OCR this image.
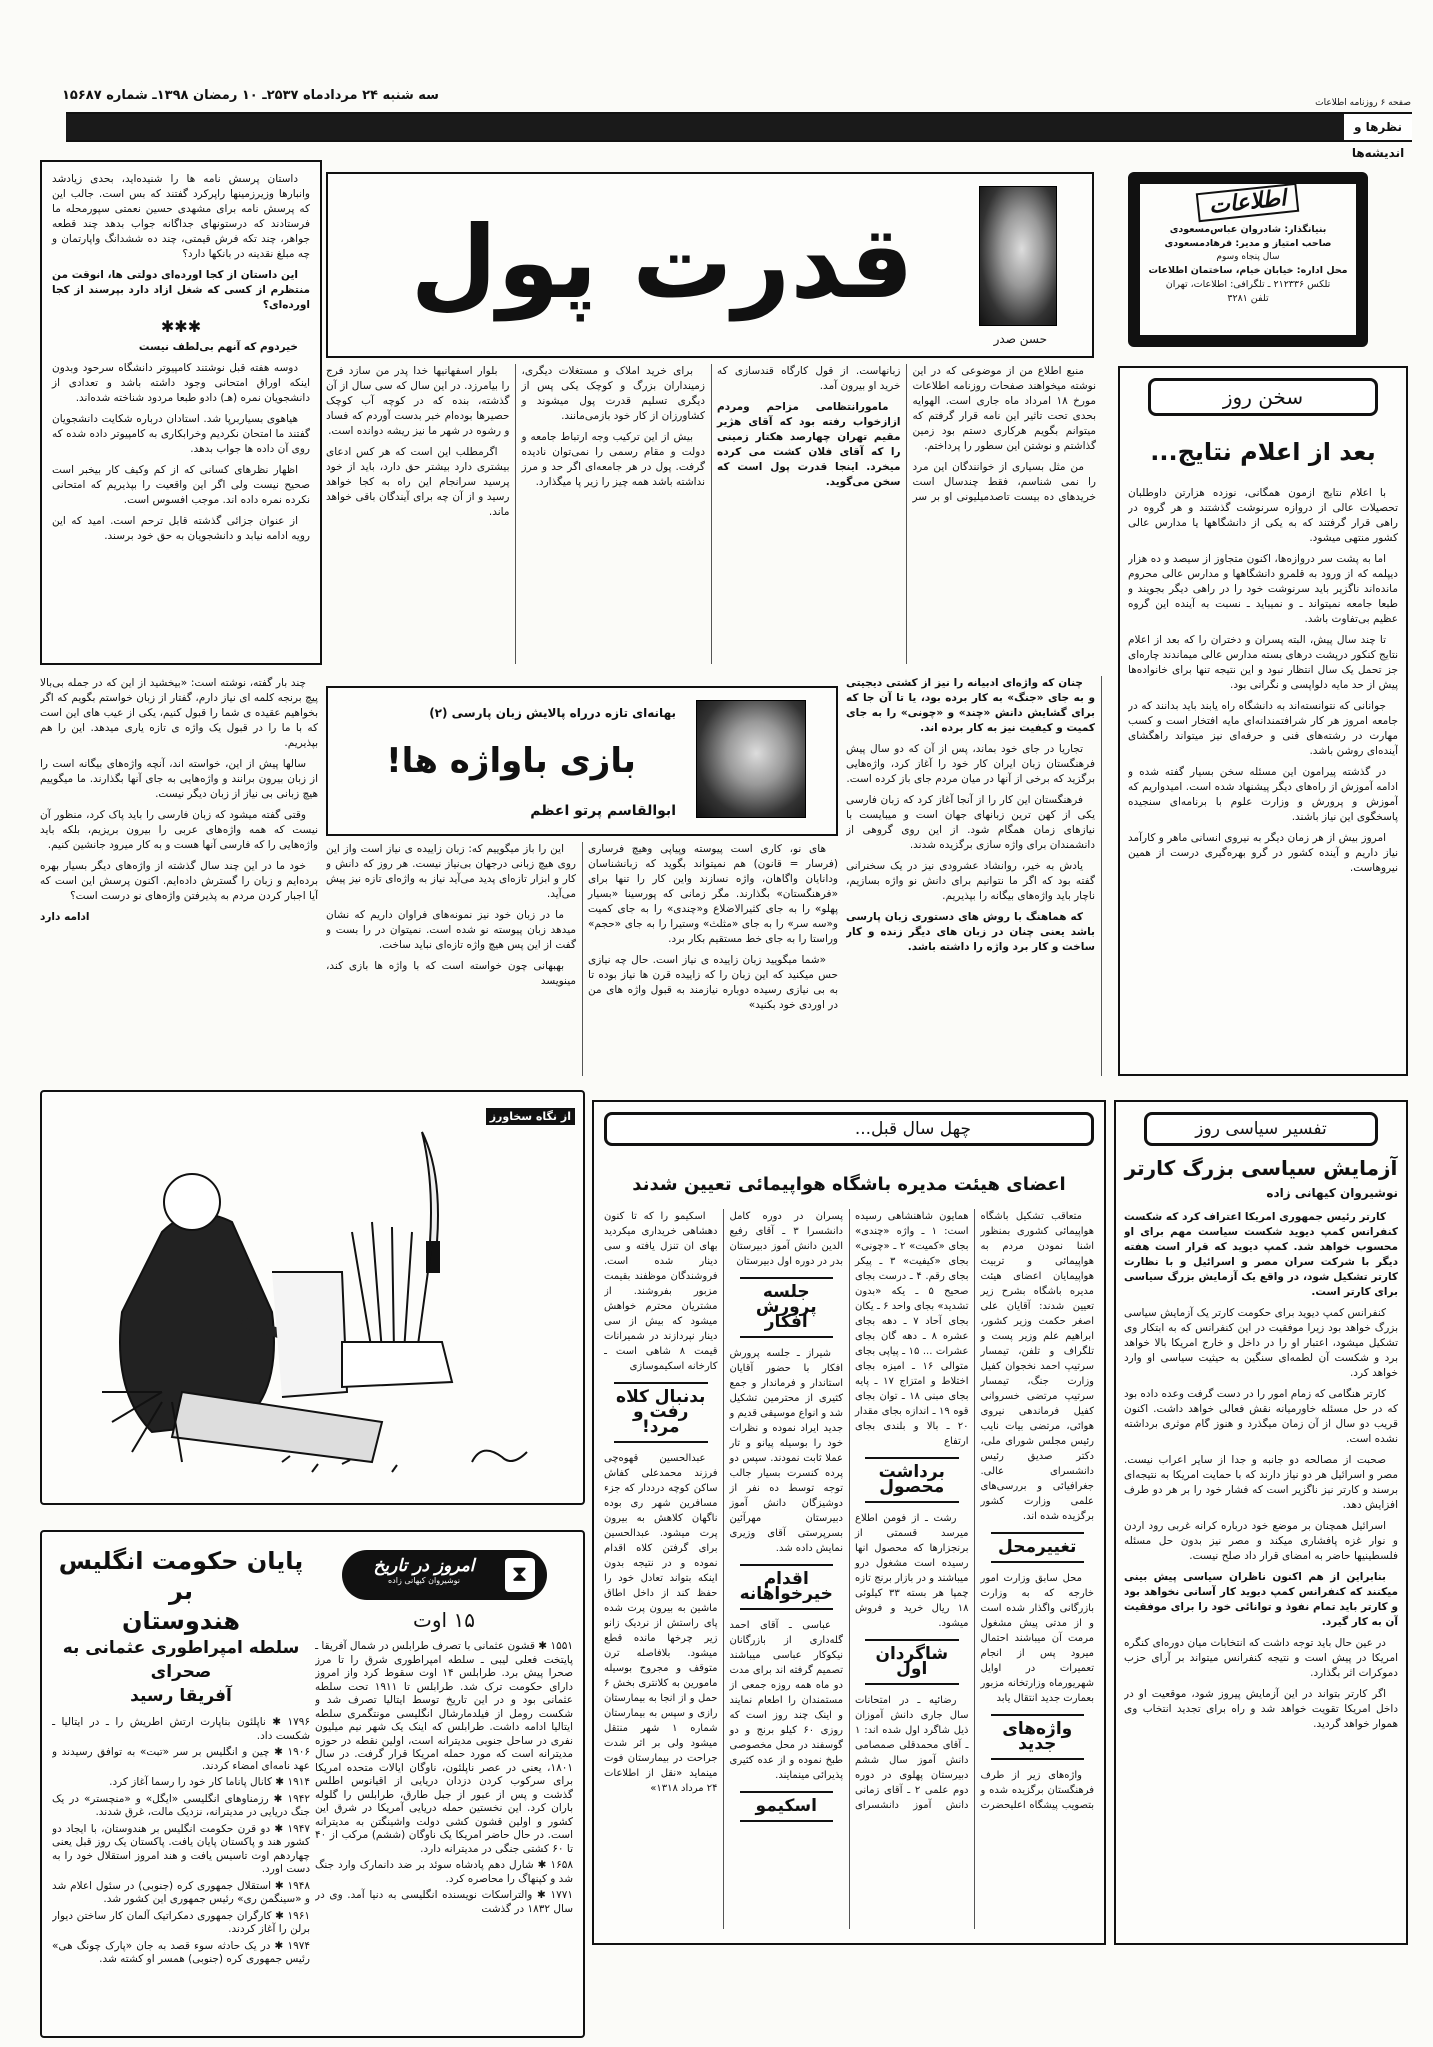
سه شنبه ۲۴ مردادماه ۲۵۳۷ـ ۱۰ رمضان ۱۳۹۸ـ شماره ۱۵۶۸۷	صفحه ۶ روزنامه اطلاعات
نظرها و اندیشه‌ها

داستان پرسش نامه ها را شنیده‌اید، بحدی زیادشد وانبارها وزیرزمینها راپرکرد گفتند که بس است. جالب این که پرسش نامه برای مشهدی حسین نعمتی سپورمحله ما فرستادند که درستونهای جداگانه جواب بدهد چند قطعه جواهر، چند تکه فرش قیمتی، چند ده ششدانگ واپارتمان و چه مبلغ نقدینه در بانکها دارد؟

این داستان از کجا اورده‌ای دولتی ها، انوقت من منتظرم از کسی که شغل ازاد دارد بپرسند از کجا اورده‌ای؟

✱✱✱

خیردوم که آنهم بی‌لطف نیست

دوسه هفته قبل نوشتند کامپیوتر دانشگاه سرحود وبدون اینکه اوراق امتحانی وجود داشته باشد و تعدادی از دانشجویان نمره (هـ) دادو طبعا مردود شناخته شده‌اند.

هیاهوی بسیاربرپا شد. استادان درباره شکایت دانشجویان گفتند ما امتحان نکردیم وخرابکاری به کامپیوتر داده شده که روی آن داده ها جواب بدهد.

اظهار نظرهای کسانی که از کم وکیف کار بیخبر است صحیح نیست ولی اگر این واقعیت را بپذیریم که امتحانی نکرده نمره داده اند. موجب افسوس است.

از عنوان جزائی گذشته قابل ترحم است. امید که این رویه ادامه نیابد و دانشجویان به حق خود برسند.

حسن صدر
قدرت پول

منبع اطلاع من از موضوعی که در این نوشته میخواهند صفحات روزنامه اطلاعات مورخ ۱۸ امرداد ماه جاری است. الهوایه بحدی تحت تاثیر این نامه قرار گرفتم که میتوانم بگویم هرکاری دستم بود زمین گذاشتم و نوشتن این سطور را پرداختم.

من مثل بسیاری از خوانندگان این مرد را نمی شناسم، فقط چندسال است خریدهای ده بیست تاصدمیلیونی او بر سر زبانهاست. از قول کارگاه قندسازی که خرید او بیرون آمد.

مامورانتظامی مزاحم ومردم ازازخواب رفته بود که آقای هژیر مقیم تهران چهارصد هکتار زمینی را که آقای فلان کشت می کرده میخرد. اینجا قدرت پول است که سخن می‌گوید.

برای خرید املاک و مستغلات دیگری، زمینداران بزرگ و کوچک یکی پس از دیگری تسلیم قدرت پول میشوند و کشاورزان از کار خود بازمی‌مانند.

بیش از این ترکیب وجه ارتباط جامعه و دولت و مقام رسمی را نمی‌توان نادیده گرفت. پول در هر جامعه‌ای اگر حد و مرز نداشته باشد همه چیز را زیر پا میگذارد.

بلوار اسفهانیها خدا پدر من سازد فرج را بیامرزد. در این سال که سی سال از آن گذشته، بنده که در کوچه آب کوچک حصیرها بوده‌ام خبر بدست آوردم که فساد و رشوه در شهر ما نیز ریشه دوانده است.

اگرمطلب این است که هر کس ادعای بیشتری دارد بیشتر حق دارد، باید از خود پرسید سرانجام این راه به کجا خواهد رسید و از آن چه برای آیندگان باقی خواهد ماند.

اطلاعات
بنیانگذار: شادروان عباس‌مسعودی
صاحب امتیاز و مدیر: فرهادمسعودی
سال پنجاه وسوم
محل اداره: خیابان خیام، ساختمان اطلاعات
تلکس ۲۱۲۳۳۶ ـ تلگرافی: اطلاعات، تهران
تلفن ۳۲۸۱
سخن روز
بعد از اعلام نتایج...

با اعلام نتایج ازمون همگانی، نوزده هزارتن داوطلبان تحصیلات عالی از دروازه سرنوشت گذشتند و هر گروه در راهی قرار گرفتند که به یکی از دانشگاهها یا مدارس عالی کشور منتهی میشود.

اما به پشت سر دروازه‌ها، اکنون متجاوز از سیصد و ده هزار دیپلمه که از ورود به قلمرو دانشگاهها و مدارس عالی محروم مانده‌اند ناگزیر باید سرنوشت خود را در راهی دیگر بجویند و طبعا جامعه نمیتواند ـ و نمیباید ـ نسبت به آینده این گروه عظیم بی‌تفاوت باشد.

تا چند سال پیش، البته پسران و دختران را که بعد از اعلام نتایج کنکور درپشت درهای بسته مدارس عالی میماندند چاره‌ای جز تحمل یک سال انتظار نبود و این نتیجه تنها برای خانواده‌ها پیش از حد مایه دلواپسی و نگرانی بود.

جوانانی که نتوانسته‌اند به دانشگاه راه یابند باید بدانند که در جامعه امروز هر کار شرافتمندانه‌ای مایه افتخار است و کسب مهارت در رشته‌های فنی و حرفه‌ای نیز میتواند راهگشای آینده‌ای روشن باشد.

در گذشته پیرامون این مسئله سخن بسیار گفته شده و ادامه آموزش از راه‌های دیگر پیشنهاد شده است. امیدواریم که آموزش و پرورش و وزارت علوم با برنامه‌ای سنجیده پاسخگوی این نیاز باشند.

امروز بیش از هر زمان دیگر به نیروی انسانی ماهر و کارآمد نیاز داریم و آینده کشور در گرو بهره‌گیری درست از همین نیروهاست.

چند بار گفته، نوشته است: «بیخشید از این که در جمله بی‌بالا پیچ برنجه کلمه ای نیاز دارم، گفتار از زبان خواستم بگویم که اگر بخواهیم عقیده ی شما را قبول کنیم، یکی از عیب های این است که با ما را در قبول یک واژه ی تازه یاری میدهد. این را هم بپذیریم.

سالها پیش از این، خواسته اند، آنچه واژه‌های بیگانه است را از زبان بیرون برانند و واژه‌هایی به جای آنها بگذارند. ما میگوییم هیچ زبانی بی نیاز از زبان دیگر نیست.

وقتی گفته میشود که زبان فارسی را باید پاک کرد، منظور آن نیست که همه واژه‌های عربی را بیرون بریزیم، بلکه باید واژه‌هایی را که فارسی آنها هست و به کار میرود جانشین کنیم.

خود ما در این چند سال گذشته از واژه‌های دیگر بسیار بهره برده‌ایم و زبان را گسترش داده‌ایم. اکنون پرسش این است که آیا اجبار کردن مردم به پذیرفتن واژه‌های نو درست است؟

ادامه دارد

بهانه‌ای تازه درراه پالایش زبان پارسی (۲)
بازی باواژه ها!
ابوالقاسم پرتو اعظم

های نو، کاری است پیوسته وپیاپی وهیچ فرساری (فرسار = قانون) هم نمیتواند بگوید که زبانشناسان ودانایان واگاهان، واژه نسازند واین کار را تنها برای «فرهنگستان» بگذارند. مگر زمانی که پورسینا «بسیار پهلو» را به جای کثیرالاضلاع و«چندی» را به جای کمیت و«سه سر» را به جای «مثلث» وستیرا را به جای «حجم» وراستا را به جای خط مستقیم بکار برد.

«شما میگویید زبان زاییده ی نیاز است. حال چه نیازی حس میکنید که این زبان را که زاییده قرن ها نیاز بوده تا به بی نیازی رسیده دوباره نیازمند به قبول واژه های من در اوردی خود بکنید»

این را باز میگوییم که: زبان زاییده ی نیاز است واز این روی هیچ زبانی درجهان بی‌نیاز نیست. هر روز که دانش و کار و ابزار تازه‌ای پدید می‌آید نیاز به واژه‌ای تازه نیز پیش می‌آید.

ما در زبان خود نیز نمونه‌های فراوان داریم که نشان میدهد زبان پیوسته نو شده است. نمیتوان در را بست و گفت از این پس هیچ واژه تازه‌ای نباید ساخت.

بهبهانی چون خواسته است که با واژه ها بازی کند، مینویسد

چنان که واژه‌ای ادبیانه را نیز از کشتی دیجیتی و به جای «جنگ» به کار برده بود، یا تا آن جا که برای گشایش دانش «چند» و «چونی» را به جای کمیت و کیفیت نیز به کار برده اند.

تجاریا در جای خود بماند، پس از آن که دو سال پیش فرهنگستان زبان ایران کار خود را آغاز کرد، واژه‌هایی برگزید که برخی از آنها در میان مردم جای باز کرده است.

فرهنگستان این کار را از آنجا آغاز کرد که زبان فارسی یکی از کهن ترین زبانهای جهان است و میبایست با نیازهای زمان همگام شود. از این روی گروهی از دانشمندان برای واژه سازی برگزیده شدند.

یادش به خیر، روانشاد عشرودی نیز در یک سخنرانی گفته بود که اگر ما نتوانیم برای دانش نو واژه بسازیم، ناچار باید واژه‌های بیگانه را بپذیریم.

که هماهنگ با روش های دستوری زبان پارسی باشد یعنی چنان در زبان های دیگر زنده و کار ساخت و کار برد واژه را داشته باشد.

از نگاه سخاورز
⧗
امروز در تاریخ
نوشیروان کیهانی زاده
۱۵ اوت

۱۵۵۱ ✱ قشون عثمانی با تصرف طرابلس در شمال آفریقا ـ پایتخت فعلی لیبی ـ سلطه امپراطوری شرق را تا مرز صحرا پیش برد. طرابلس ۱۴ اوت سقوط کرد واز امروز دارای حکومت ترک شد. طرابلس تا ۱۹۱۱ تحت سلطه عثمانی بود و در این تاریخ توسط ایتالیا تصرف شد و شکست رومل از فیلدمارشال انگلیسی مونتگمری سلطه ایتالیا ادامه داشت. طرابلس که اینک یک شهر نیم میلیون نفری در ساحل جنوبی مدیترانه است، اولین نقطه در حوزه مدیترانه است که مورد حمله امریکا قرار گرفت. در سال ۱۸۰۱، یعنی در عصر ناپلئون، ناوگان ایالات متحده امریکا برای سرکوب کردن دزدان دریایی از اقیانوس اطلس گذشت و پس از عبور از جبل طارق، طرابلس را گلوله باران کرد. این نخستین حمله دریایی آمریکا در شرق این کشور و اولین قشون کشی دولت واشینگتن به مدیترانه است. در حال حاضر امریکا یک ناوگان (ششم) مرکب از ۴۰ تا ۶۰ کشتی جنگی در مدیترانه دارد.

۱۶۵۸ ✱ شارل دهم پادشاه سوئد بر ضد دانمارک وارد جنگ شد و کپنهاگ را محاصره کرد.

۱۷۷۱ ✱ والتراسکات نویسنده انگلیسی به دنیا آمد. وی در سال ۱۸۳۲ در گذشت

پایان حکومت انگلیس بر
هندوستان
سلطه امپراطوری عثمانی به صحرای
آفریقا رسید

۱۷۹۶ ✱ ناپلئون بناپارت ارتش اطریش را ـ در ایتالیا ـ شکست داد.

۱۹۰۶ ✱ چین و انگلیس بر سر «تبت» به توافق رسیدند و عهد نامه‌ای امضاء کردند.

۱۹۱۴ ✱ کانال پاناما کار خود را رسما آغاز کرد.

۱۹۴۲ ✱ رزمناوهای انگلیسی «ایگل» و «منچستر» در یک جنگ دریایی در مدیترانه، نزدیک مالت، غرق شدند.

۱۹۴۷ ✱ دو قرن حکومت انگلیس بر هندوستان، با ایجاد دو کشور هند و پاکستان پایان یافت. پاکستان یک روز قبل یعنی چهاردهم اوت تاسیس یافت و هند امروز استقلال خود را به دست اورد.

۱۹۴۸ ✱ استقلال جمهوری کره (جنوبی) در سئول اعلام شد و «سینگمن ری» رئیس جمهوری این کشور شد.

۱۹۶۱ ✱ کارگران جمهوری دمکراتیک آلمان کار ساختن دیوار برلن را آغاز کردند.

۱۹۷۴ ✱ در یک حادثه سوء قصد به جان «پارک چونگ هی» رئیس جمهوری کره (جنوبی) همسر او کشته شد.

چهل سال قبل...
اعضای هیئت مدیره باشگاه هواپیمائی تعیین شدند

متعاقب تشکیل باشگاه هواپیمائی کشوری بمنظور اشنا نمودن مردم به هواپیمائی و تربیت هواپیمایان اعضای هیئت مدیره باشگاه بشرح زیر تعیین شدند: آقایان علی اصغر حکمت وزیر کشور، ابراهیم علم وزیر پست و تلگراف و تلفن، تیمسار سرتیپ احمد نخجوان کفیل وزارت جنگ، تیمسار سرتیپ مرتضی خسروانی کفیل فرماندهی نیروی هوائی، مرتضی بیات نایب رئیس مجلس شورای ملی، دکتر صدیق رئیس دانشسرای عالی. جغرافیائی و بررسی‌های علمی وزارت کشور برگزیده شده اند.

تغییرمحل

محل سابق وزارت امور خارجه که به وزارت بازرگانی واگذار شده است و از مدتی پیش مشغول مرمت آن میباشند احتمال میرود پس از انجام تعمیرات در اوایل شهریورماه وزارتخانه مزبور بعمارت جدید انتقال یابد

واژه‌های جدید

واژه‌های زیر از طرف فرهنگستان برگزیده شده و بتصویب پیشگاه اعلیحضرت همایون شاهنشاهی رسیده است: ۱ ـ واژه «چندی» بجای «کمیت» ۲ ـ «چونی» بجای «کیفیت» ۳ ـ پیکر بجای رقم. ۴ ـ درست بجای صحیح ۵ ـ یکه «بدون تشدید» بجای واحد ۶ ـ یکان بجای آحاد ۷ ـ دهه بجای عشره ۸ ـ دهه گان بجای عشرات ... ۱۵ ـ پیاپی بجای متوالی ۱۶ ـ امیزه بجای اختلاط و امتزاج ۱۷ ـ پایه بجای مبنی ۱۸ ـ توان بجای قوه ۱۹ ـ اندازه بجای مقدار ۲۰ ـ بالا و بلندی بجای ارتفاع

برداشت محصول

رشت ـ از فومن اطلاع میرسد قسمتی از برنجزارها که محصول انها رسیده است مشغول درو میباشند و در بازار برنج تازه چمپا هر بسته ۳۳ کیلوئی ۱۸ ریال خرید و فروش میشود.

شاگردان اول

رضائیه ـ در امتحانات سال جاری دانش آموزان ذیل شاگرد اول شده اند: ۱ ـ آقای محمدقلی صمصامی دانش آموز سال ششم دبیرستان پهلوی در دوره دوم علمی ۲ ـ آقای زمانی دانش آموز دانشسرای پسران در دوره کامل دانشسرا ۳ ـ آقای رفیع الدین دانش آموز دبیرستان بدر در دوره اول دبیرستان

جلسه پرورش افکار

شیراز ـ جلسه پرورش افکار با حضور آقایان استاندار و فرماندار و جمع کثیری از محترمین تشکیل شد و انواع موسیقی قدیم و جدید ایراد نموده و نظرات خود را بوسیله پیانو و تار عملا ثابت نمودند. سپس دو پرده کنسرت بسیار جالب توجه توسط ده نفر از دوشیزگان دانش آموز دبیرستان مهرآئین بسرپرستی آقای وزیری نمایش داده شد.

اقدام خیرخواهانه

عباسی ـ آقای احمد گله‌داری از بازرگانان نیکوکار عباسی میباشند تصمیم گرفته اند برای مدت دو ماه همه روزه جمعی از مستمندان را اطعام نمایند و اینک چند روز است که روزی ۶۰ کیلو برنج و دو گوسفند در محل مخصوصی طبخ نموده و از عده کثیری پذیرائی مینمایند.

اسکیمو

اسکیمو را که تا کنون دهشاهی خریداری میکردید بهای ان تنزل یافته و سی دینار شده است. فروشندگان موظفند بقیمت مزبور بفروشند. از مشتریان محترم خواهش میشود که بیش از سی دینار نپردازند در شمیرانات قیمت ۸ شاهی است ـ کارخانه اسکیموسازی

بدنبال کلاه رفت و مرد!

عبدالحسین قهوه‌چی فرزند محمدعلی کفاش ساکن کوچه درددار که جزء مسافرین شهر ری بوده ناگهان کلاهش به بیرون پرت میشود. عبدالحسین برای گرفتن کلاه اقدام نموده و در نتیجه بدون اینکه بتواند تعادل خود را حفظ کند از داخل اطاق ماشین به بیرون پرت شده پای راستش از نردیک زانو زیر چرخها مانده قطع میشود. بلافاصله ترن متوقف و مجروح بوسیله مامورین به کلانتری بخش ۶ حمل و از انجا به بیمارستان رازی و سپس به بیمارستان شماره ۱ شهر منتقل میشود ولی بر اثر شدت جراحت در بیمارستان فوت مینماید «نقل از اطلاعات ۲۴ مرداد ۱۳۱۸»

تفسیر سیاسی روز
آزمایش سیاسی بزرگ کارتر
نوشیروان کیهانی زاده

کارتر رئیس جمهوری امریکا اعتراف کرد که شکست کنفرانس کمپ دیوید شکست سیاست مهم برای او محسوب خواهد شد. کمپ دیوید که قرار است هفته دیگر با شرکت سران مصر و اسرائیل و با نظارت کارتر تشکیل شود، در واقع یک آزمایش بزرگ سیاسی برای کارتر است.

کنفرانس کمپ دیوید برای حکومت کارتر یک آزمایش سیاسی بزرگ خواهد بود زیرا موفقیت در این کنفرانس که به ابتکار وی تشکیل میشود، اعتبار او را در داخل و خارج امریکا بالا خواهد برد و شکست آن لطمه‌ای سنگین به حیثیت سیاسی او وارد خواهد کرد.

کارتر هنگامی که زمام امور را در دست گرفت وعده داده بود که در حل مسئله خاورمیانه نقش فعالی خواهد داشت. اکنون قریب دو سال از آن زمان میگذرد و هنوز گام موثری برداشته نشده است.

صحبت از مصالحه دو جانبه و جدا از سایر اعراب نیست. مصر و اسرائیل هر دو نیاز دارند که با حمایت امریکا به نتیجه‌ای برسند و کارتر نیز ناگزیر است که فشار خود را بر هر دو طرف افزایش دهد.

اسرائیل همچنان بر موضع خود درباره کرانه غربی رود اردن و نوار غزه پافشاری میکند و مصر نیز بدون حل مسئله فلسطینیها حاضر به امضای قرار داد صلح نیست.

بنابراین از هم اکنون ناظران سیاسی پیش بینی میکنند که کنفرانس کمپ دیوید کار آسانی نخواهد بود و کارتر باید تمام نفوذ و توانائی خود را برای موفقیت آن به کار گیرد.

در عین حال باید توجه داشت که انتخابات میان دوره‌ای کنگره امریکا در پیش است و نتیجه کنفرانس میتواند بر آرای حزب دموکرات اثر بگذارد.

اگر کارتر بتواند در این آزمایش پیروز شود، موقعیت او در داخل امریکا تقویت خواهد شد و راه برای تجدید انتخاب وی هموار خواهد گردید.
